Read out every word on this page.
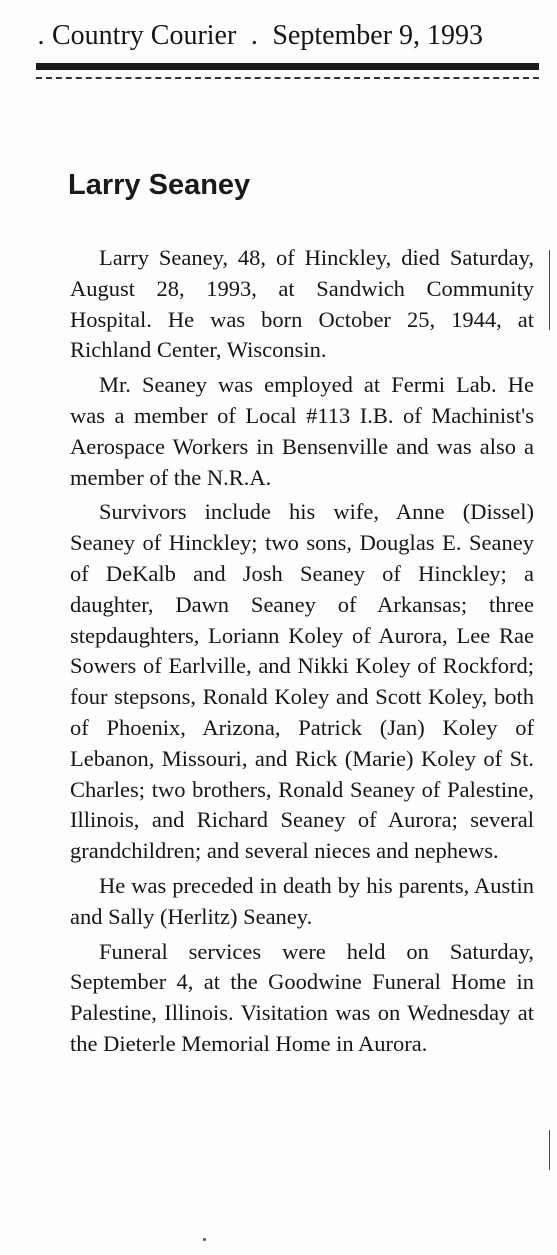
. Country Courier . September 9, 1993
Larry Seaney

Larry Seaney, 48, of Hinckley, died Saturday, August 28, 1993, at Sandwich Community Hospital. He was born October 25, 1944, at Richland Center, Wisconsin.

Mr. Seaney was employed at Fermi Lab. He was a member of Local #113 I.B. of Machinist's Aerospace Workers in Bensenville and was also a member of the N.R.A.

Survivors include his wife, Anne (Dissel) Seaney of Hinckley; two sons, Douglas E. Seaney of DeKalb and Josh Seaney of Hinckley; a daughter, Dawn Seaney of Arkansas; three stepdaughters, Loriann Koley of Aurora, Lee Rae Sowers of Earlville, and Nikki Koley of Rockford; four stepsons, Ronald Koley and Scott Koley, both of Phoenix, Arizona, Patrick (Jan) Koley of Lebanon, Missouri, and Rick (Marie) Koley of St. Charles; two brothers, Ronald Seaney of Palestine, Illinois, and Richard Seaney of Aurora; several grandchildren; and several nieces and nephews.

He was preceded in death by his parents, Austin and Sally (Herlitz) Seaney.

Funeral services were held on Saturday, September 4, at the Goodwine Funeral Home in Palestine, Illinois. Visitation was on Wednesday at the Dieterle Memorial Home in Aurora.
